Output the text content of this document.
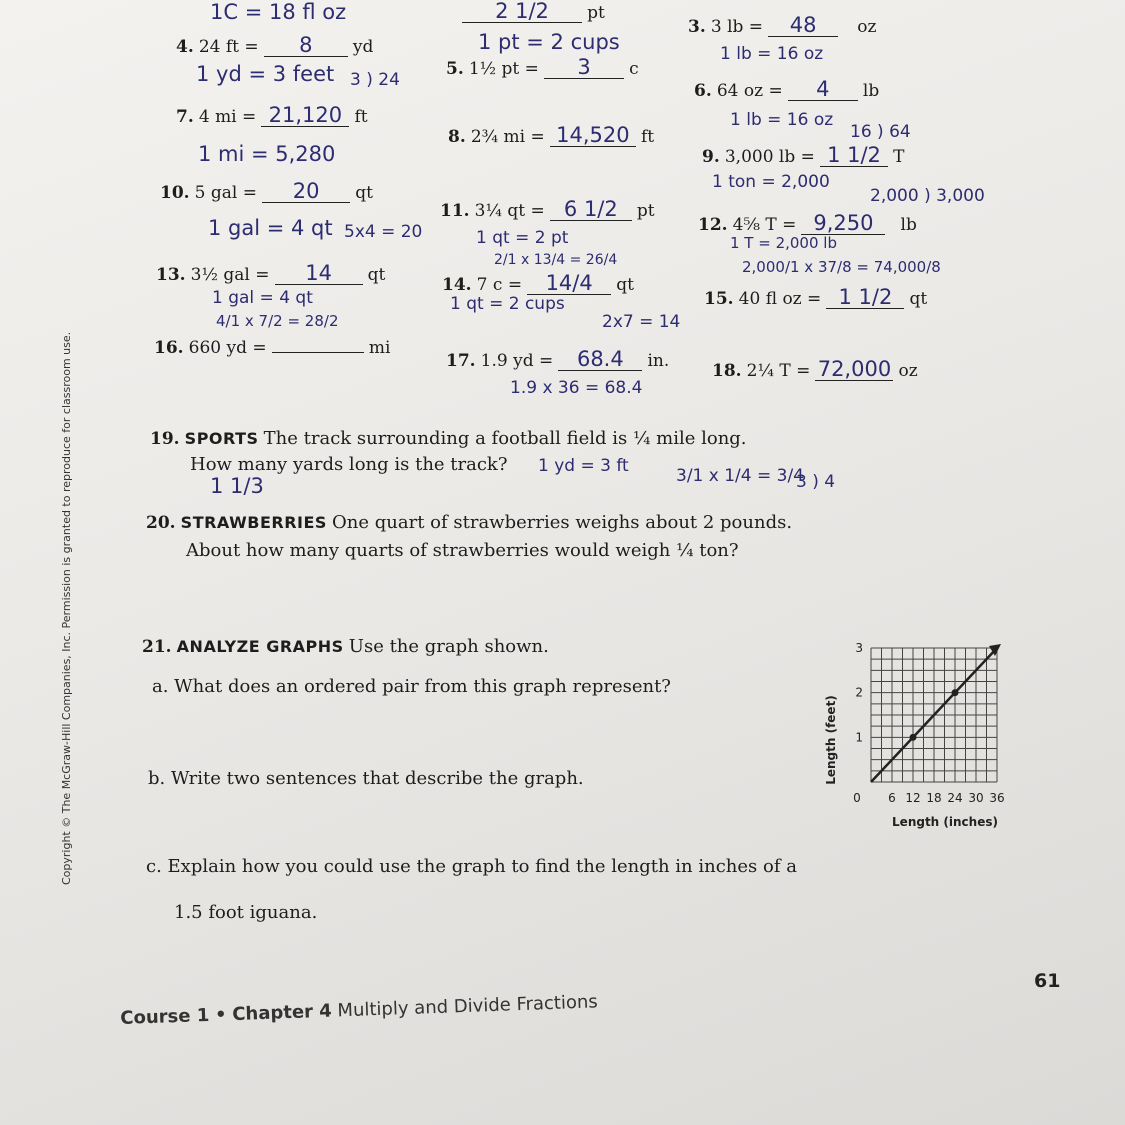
Copyright © The McGraw-Hill Companies, Inc. Permission is granted to reproduce for classroom use.
1C = 18 fl oz	2 1/2 pt
1 pt = 2 cups
3. 3 lb = 48 oz
1 lb = 16 oz
4. 24 ft = 8 yd
1 yd = 3 feet 3 ) 24
5. 1½ pt = 3 c
6. 64 oz = 4 lb
1 lb = 16 oz
16 ) 64
7. 4 mi = 21,120 ft
1 mi = 5,280
8. 2¾ mi = 14,520 ft
9. 3,000 lb = 1 1/2 T
1 ton = 2,000
2,000 ) 3,000
10. 5 gal = 20 qt
1 gal = 4 qt 5x4 = 20
11. 3¼ qt = 6 1/2 pt
1 qt = 2 pt
12. 4⅝ T = 9,250 lb
1 T = 2,000 lb
2,000/1 x 37/8 = 74,000/8
13. 3½ gal = 14 qt
1 gal = 4 qt
4/1 x 7/2 = 28/2
14. 7 c = 14/4 qt
2/1 x 13/4 = 26/4
1 qt = 2 cups
2x7 = 14
15. 40 fl oz = 1 1/2 qt
16. 660 yd =	mi
17. 1.9 yd = 68.4 in.
1.9 x 36 = 68.4
18. 2¼ T = 72,000 oz
19. SPORTS The track surrounding a football field is ¼ mile long.
How many yards long is the track? 1 yd = 3 ft	3/1 x 1/4 = 3/4
3 ) 4
1 1/3
20. STRAWBERRIES One quart of strawberries weighs about 2 pounds.
About how many quarts of strawberries would weigh ¼ ton?
21. ANALYZE GRAPHS Use the graph shown.
a. What does an ordered pair from this graph represent?
b. Write two sentences that describe the graph.
c. Explain how you could use the graph to find the length in inches of a
1.5 foot iguana.
0 6 12 18 24 30 36
1
2
3
Length (inches)
Length (feet)
61
Course 1 • Chapter 4 Multiply and Divide Fractions
